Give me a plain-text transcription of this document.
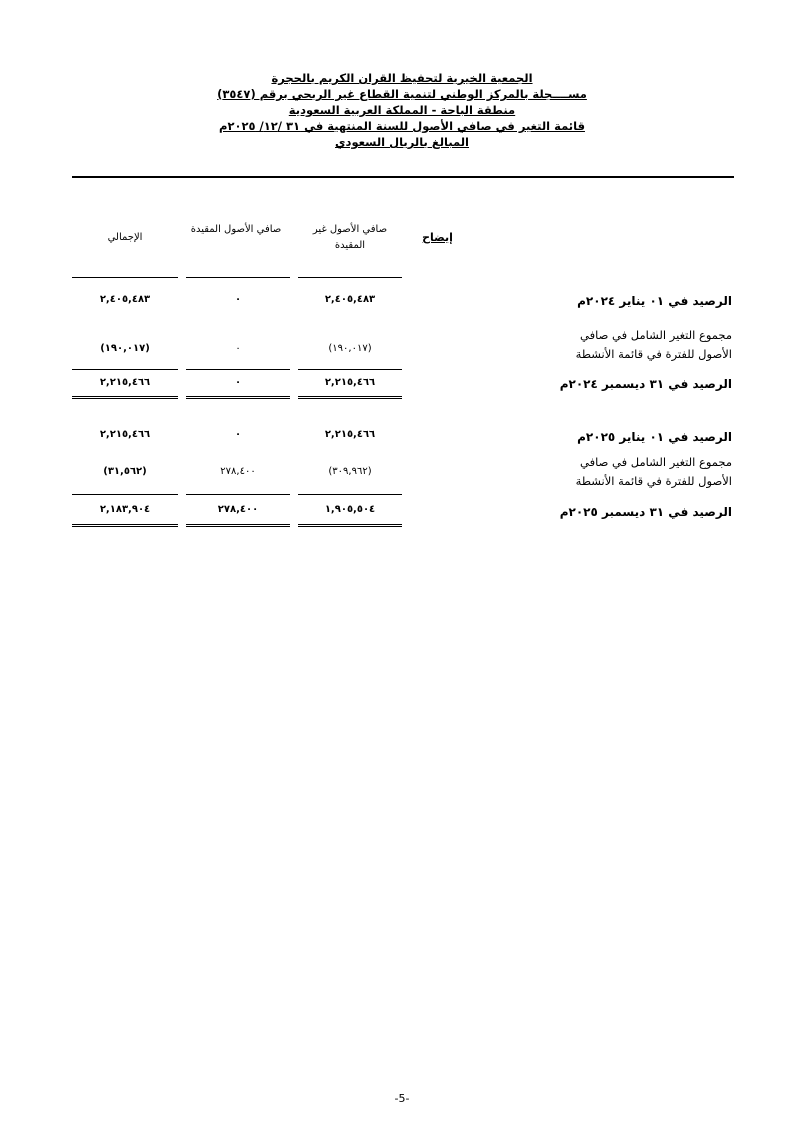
الجمعية الخيرية لتحفيظ القران الكريم بالحجرة
مســــجلة بالمركز الوطني لتنمية القطاع غير الربحي برقم (٣٥٤٧)
منطقة الباحة - المملكة العربية السعودية
قائمة التغير في صافي الأصول للسنة المنتهية في ٣١ /١٢/ ٢٠٢٥م
المبالغ بالريال السعودي
إيضاح
صافي الأصول غير المقيدة
صافي الأصول المقيدة
الإجمالي
الرصيد في ٠١ يناير ٢٠٢٤م
٢,٤٠٥,٤٨٣
٠
٢,٤٠٥,٤٨٣
مجموع التغير الشامل في صافي الأصول للفترة في قائمة الأنشطة
(١٩٠,٠١٧)
٠
(١٩٠,٠١٧)
الرصيد في ٣١ ديسمبر ٢٠٢٤م
٢,٢١٥,٤٦٦
٠
٢,٢١٥,٤٦٦
الرصيد في ٠١ يناير ٢٠٢٥م
٢,٢١٥,٤٦٦
٠
٢,٢١٥,٤٦٦
مجموع التغير الشامل في صافي الأصول للفترة في قائمة الأنشطة
(٣٠٩,٩٦٢)
٢٧٨,٤٠٠
(٣١,٥٦٢)
الرصيد في ٣١ ديسمبر ٢٠٢٥م
١,٩٠٥,٥٠٤
٢٧٨,٤٠٠
٢,١٨٣,٩٠٤
-5-
